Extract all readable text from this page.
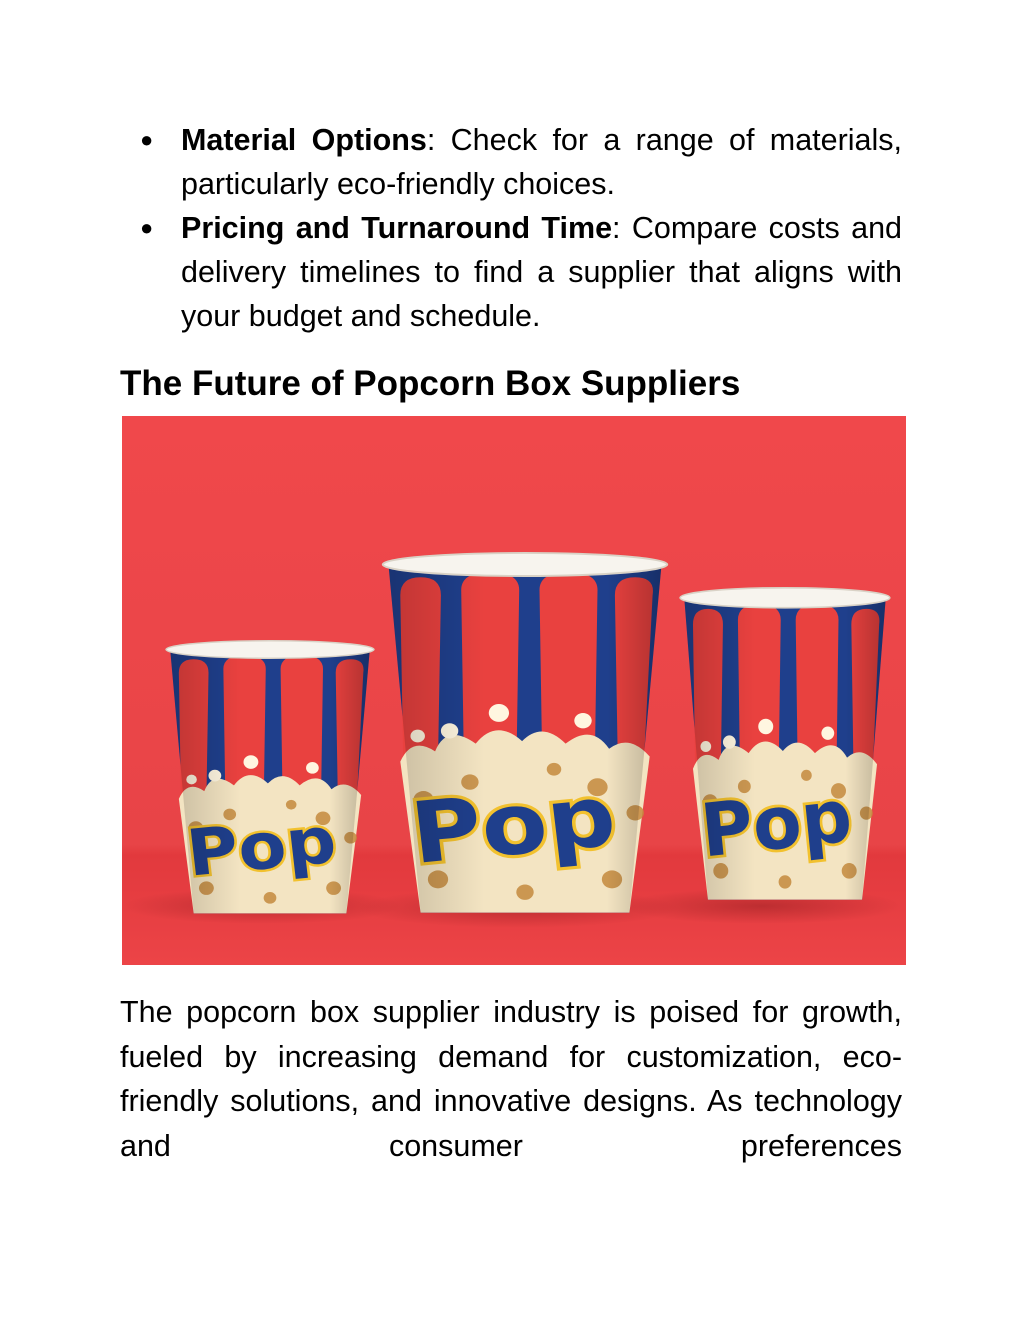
● Material Options: Check for a range of materials, particularly eco-friendly choices.
● Pricing and Turnaround Time: Compare costs and delivery timelines to find a supplier that aligns with your budget and schedule.
The Future of Popcorn Box Suppliers

The popcorn box supplier industry is poised for growth, fueled by increasing demand for customization, eco-friendly solutions, and innovative designs. As technology and consumer preferences
